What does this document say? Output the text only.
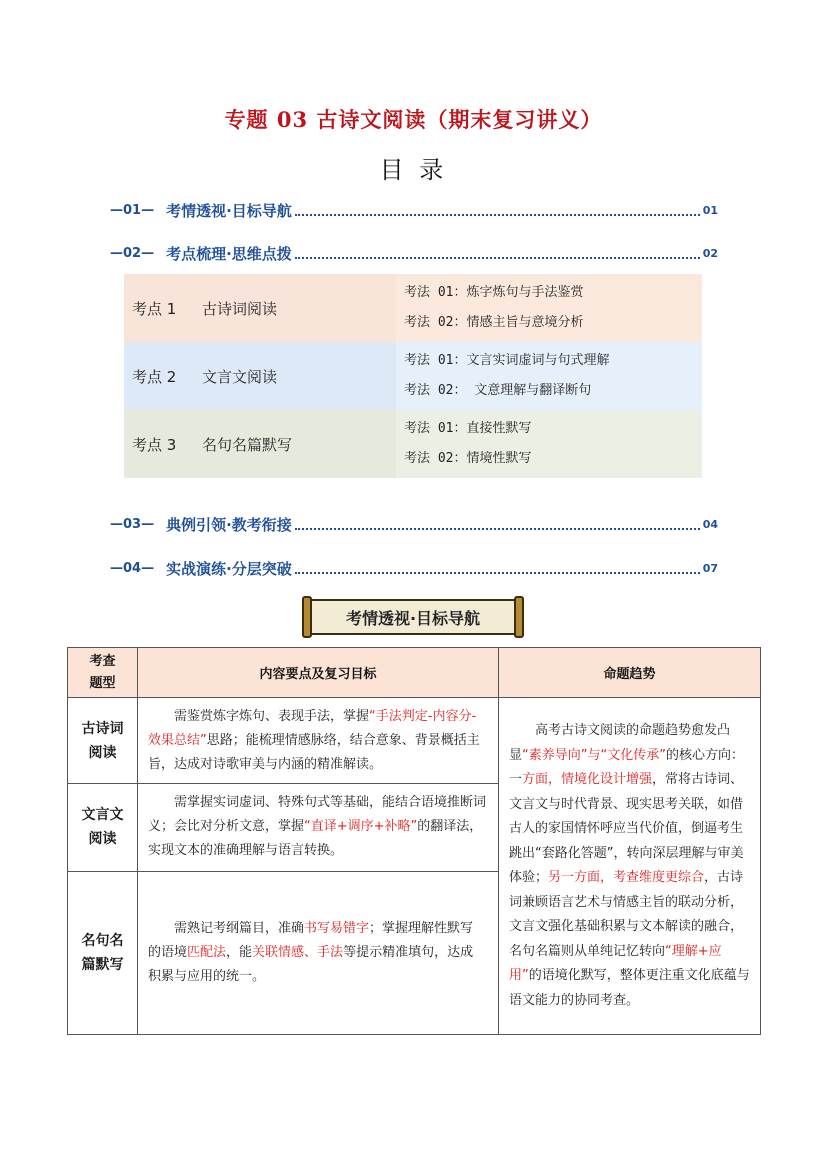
专题 03 古诗文阅读（期末复习讲义）
目 录
—01— 考情透视·目标导航	01
—02— 考点梳理·思维点拨	02
考点 1	古诗词阅读
考法 01：炼字炼句与手法鉴赏
考法 02：情感主旨与意境分析
考点 2	文言文阅读
考法 01：文言实词虚词与句式理解
考法 02： 文意理解与翻译断句
考点 3	名句名篇默写
考法 01：直接性默写
考法 02：情境性默写
—03— 典例引领·教考衔接	04
—04— 实战演练·分层突破	07
考情透视·目标导航
考查
题型	内容要点及复习目标	命题趋势
古诗词
阅读	需鉴赏炼字炼句、表现手法，掌握“手法判定-内容分-效果总结”思路；能梳理情感脉络，结合意象、背景概括主旨，达成对诗歌审美与内涵的精准解读。	高考古诗文阅读的命题趋势愈发凸显“素养导向”与“文化传承”的核心方向：一方面，情境化设计增强，常将古诗词、文言文与时代背景、现实思考关联，如借古人的家国情怀呼应当代价值，倒逼考生跳出“套路化答题”，转向深层理解与审美体验；另一方面，考查维度更综合，古诗词兼顾语言艺术与情感主旨的联动分析，文言文强化基础积累与文本解读的融合，名句名篇则从单纯记忆转向“理解+应用”的语境化默写，整体更注重文化底蕴与语文能力的协同考查。
文言文
阅读	需掌握实词虚词、特殊句式等基础，能结合语境推断词义；会比对分析文意，掌握“直译+调序+补略”的翻译法，实现文本的准确理解与语言转换。	
名句名
篇默写	需熟记考纲篇目，准确书写易错字；掌握理解性默写的语境匹配法，能关联情感、手法等提示精准填句，达成积累与应用的统一。	
